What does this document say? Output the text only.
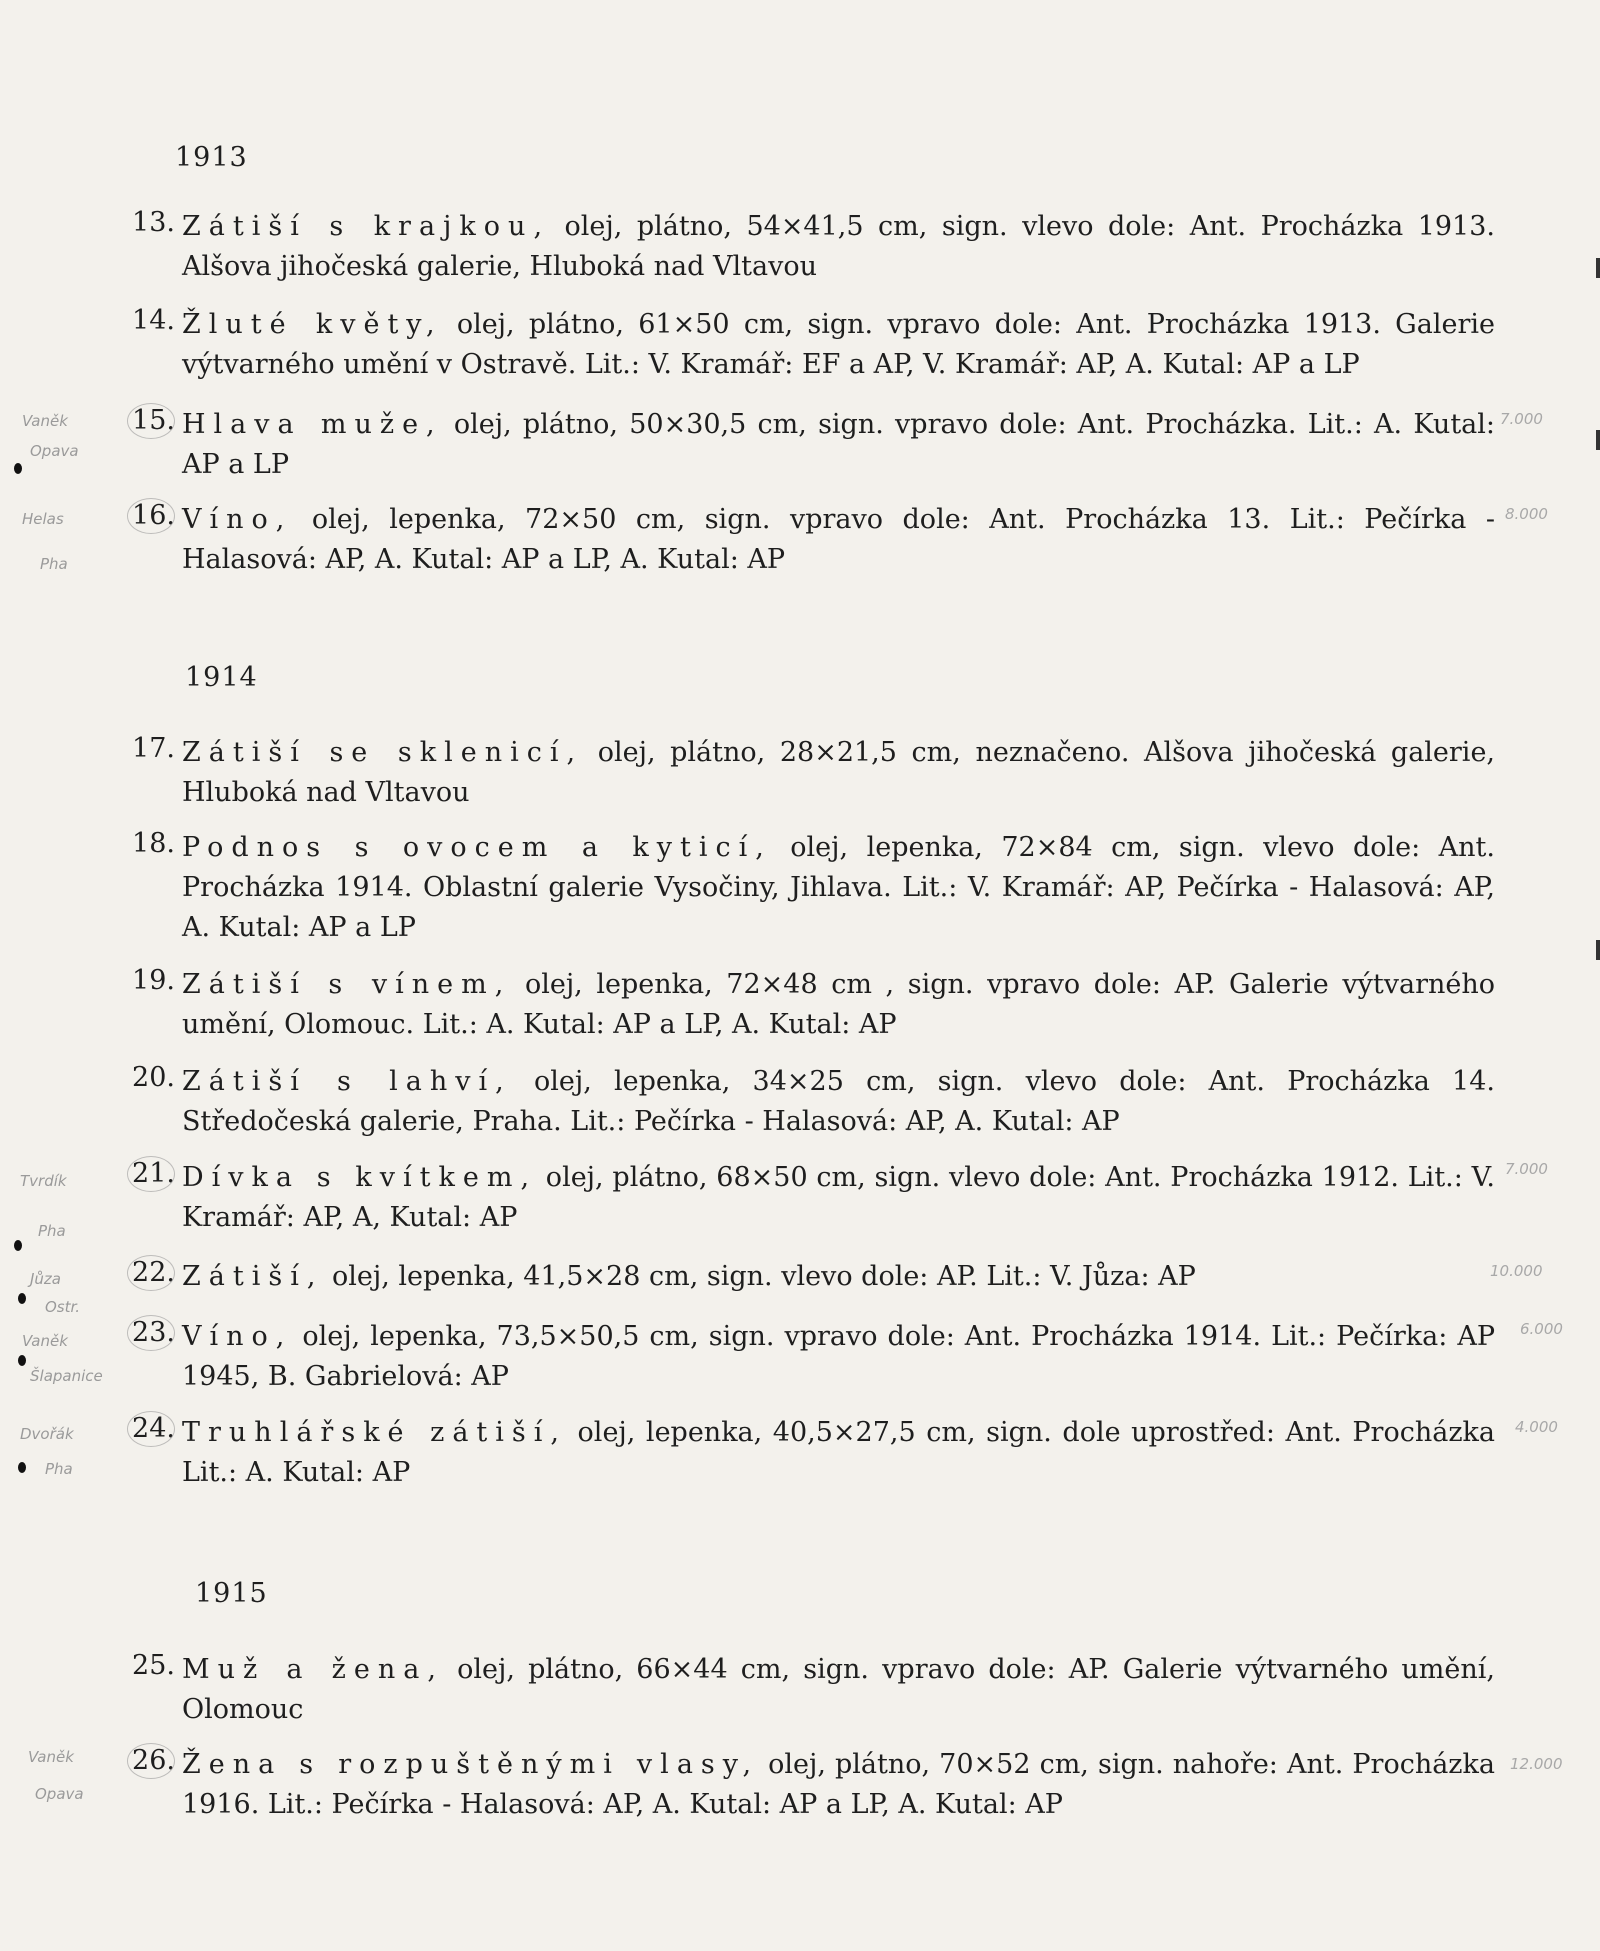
1913
13. Zátiší s krajkou, olej, plátno, 54×41,5 cm, sign. vlevo dole: Ant. Procházka 1913. Alšova jihočeská galerie, Hluboká nad Vltavou
14. Žluté květy, olej, plátno, 61×50 cm, sign. vpravo dole: Ant. Procházka 1913. Galerie výtvarného umění v Ostravě. Lit.: V. Kramář: EF a AP, V. Kramář: AP, A. Kutal: AP a LP
15. Hlava muže, olej, plátno, 50×30,5 cm, sign. vpravo dole: Ant. Procházka. Lit.: A. Kutal: AP a LP
16. Víno, olej, lepenka, 72×50 cm, sign. vpravo dole: Ant. Procházka 13. Lit.: Pečírka - Halasová: AP, A. Kutal: AP a LP, A. Kutal: AP
1914
17. Zátiší se sklenicí, olej, plátno, 28×21,5 cm, neznačeno. Alšova jihočeská galerie, Hluboká nad Vltavou
18. Podnos s ovocem a kyticí, olej, lepenka, 72×84 cm, sign. vlevo dole: Ant. Procházka 1914. Oblastní galerie Vysočiny, Jihlava. Lit.: V. Kramář: AP, Pečírka - Halasová: AP, A. Kutal: AP a LP
19. Zátiší s vínem, olej, lepenka, 72×48 cm , sign. vpravo dole: AP. Galerie výtvarného umění, Olomouc. Lit.: A. Kutal: AP a LP, A. Kutal: AP
20. Zátiší s lahví, olej, lepenka, 34×25 cm, sign. vlevo dole: Ant. Procházka 14. Středočeská galerie, Praha. Lit.: Pečírka - Halasová: AP, A. Kutal: AP
21. Dívka s kvítkem, olej, plátno, 68×50 cm, sign. vlevo dole: Ant. Procházka 1912. Lit.: V. Kramář: AP, A, Kutal: AP
22. Zátiší, olej, lepenka, 41,5×28 cm, sign. vlevo dole: AP. Lit.: V. Jůza: AP
23. Víno, olej, lepenka, 73,5×50,5 cm, sign. vpravo dole: Ant. Procházka 1914. Lit.: Pečírka: AP 1945, B. Gabrielová: AP
24. Truhlářské zátiší, olej, lepenka, 40,5×27,5 cm, sign. dole uprostřed: Ant. Procházka Lit.: A. Kutal: AP
1915
25. Muž a žena, olej, plátno, 66×44 cm, sign. vpravo dole: AP. Galerie výtvarného umění, Olomouc
26. Žena s rozpuštěnými vlasy, olej, plátno, 70×52 cm, sign. nahoře: Ant. Procházka 1916. Lit.: Pečírka - Halasová: AP, A. Kutal: AP a LP, A. Kutal: AP
Vaněk
Opava
Helas
Pha
Tvrdík
Pha
Jůza
Ostr.
Vaněk
Šlapanice
Dvořák
Pha
Vaněk
Opava
7.000
8.000
7.000
10.000
6.000
4.000
12.000
